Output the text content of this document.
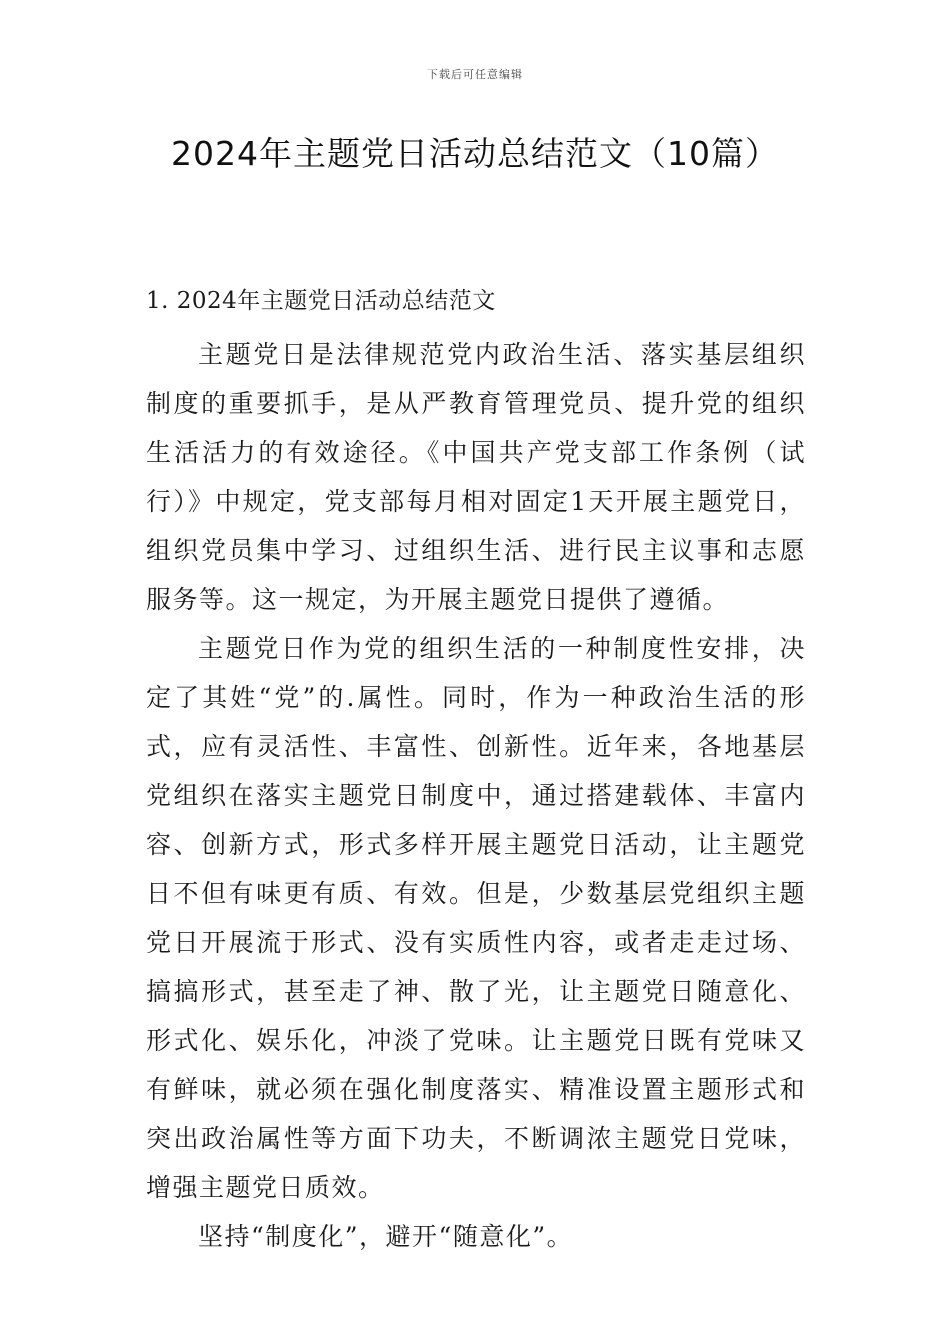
下载后可任意编辑
2024年主题党日活动总结范文（10篇）
1. 2024年主题党日活动总结范文

主题党日是法律规范党内政治生活、落实基层组织制度的重要抓手，是从严教育管理党员、提升党的组织生活活力的有效途径。《中国共产党支部工作条例（试行）》中规定，党支部每月相对固定1天开展主题党日，组织党员集中学习、过组织生活、进行民主议事和志愿服务等。这一规定，为开展主题党日提供了遵循。

主题党日作为党的组织生活的一种制度性安排，决定了其姓“党”的.属性。同时，作为一种政治生活的形式，应有灵活性、丰富性、创新性。近年来，各地基层党组织在落实主题党日制度中，通过搭建载体、丰富内容、创新方式，形式多样开展主题党日活动，让主题党日不但有味更有质、有效。但是，少数基层党组织主题党日开展流于形式、没有实质性内容，或者走走过场、搞搞形式，甚至走了神、散了光，让主题党日随意化、形式化、娱乐化，冲淡了党味。让主题党日既有党味又有鲜味，就必须在强化制度落实、精准设置主题形式和突出政治属性等方面下功夫，不断调浓主题党日党味，增强主题党日质效。

坚持“制度化”，避开“随意化”。
